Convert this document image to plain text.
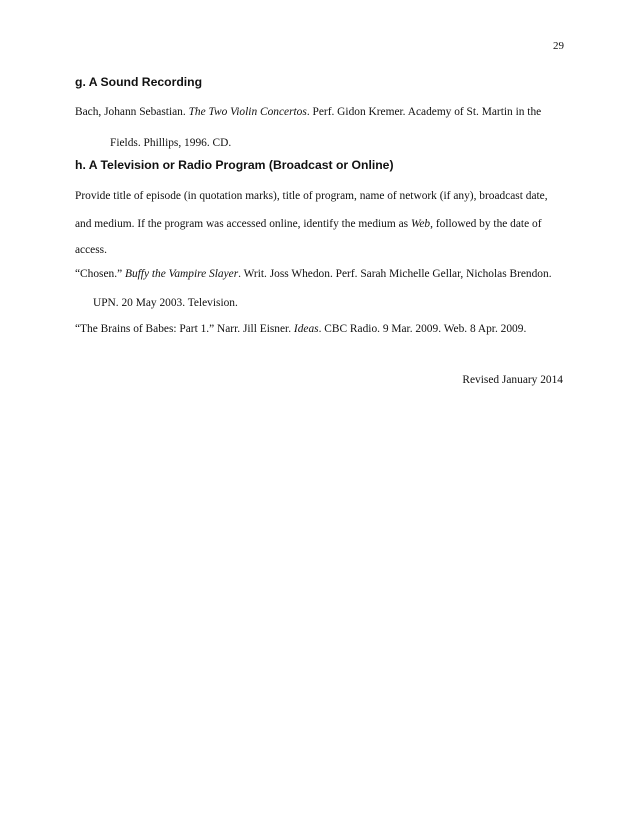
29
g. A Sound Recording
Bach, Johann Sebastian. The Two Violin Concertos. Perf. Gidon Kremer. Academy of St. Martin in the
Fields. Phillips, 1996. CD.
h. A Television or Radio Program (Broadcast or Online)
Provide title of episode (in quotation marks), title of program, name of network (if any), broadcast date,
and medium. If the program was accessed online, identify the medium as Web, followed by the date of
access.
“Chosen.” Buffy the Vampire Slayer. Writ. Joss Whedon. Perf. Sarah Michelle Gellar, Nicholas Brendon.
UPN. 20 May 2003. Television.
“The Brains of Babes: Part 1.” Narr. Jill Eisner. Ideas. CBC Radio. 9 Mar. 2009. Web. 8 Apr. 2009.
Revised January 2014
